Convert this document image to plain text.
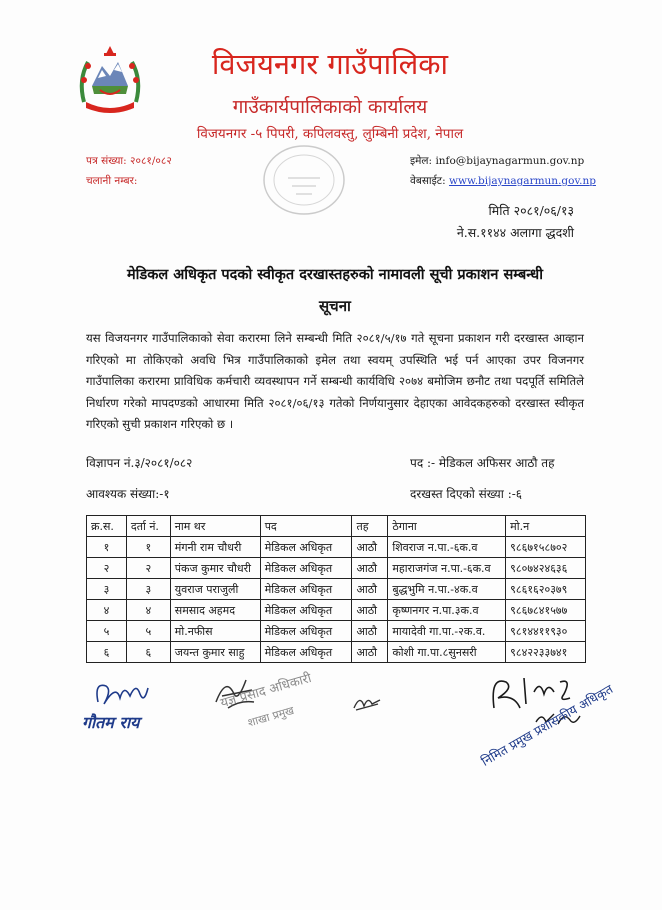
विजयनगर गाउँपालिका
गाउँकार्यपालिकाको कार्यालय
विजयनगर -५ पिपरी, कपिलवस्तु, लुम्बिनी प्रदेश, नेपाल
पत्र संख्या: २०८१/०८२
चलानी नम्बर:
इमेल: info@bijaynagarmun.gov.np
वेबसाईट: www.bijaynagarmun.gov.np
मिति २०८१/०६/१३
ने.स.११४४ अलागा द्धदशी
मेडिकल अधिकृत पदको स्वीकृत दरखास्तहरुको नामावली सूची प्रकाशन सम्बन्धी
सूचना

यस विजयनगर गाउँपालिकाको सेवा करारमा लिने सम्बन्धी मिति २०८१/५/१७ गते सूचना प्रकाशन गरी दरखास्त आव्हान गरिएको मा तोकिएको अवधि भित्र गाउँपालिकाको इमेल तथा स्वयम् उपस्थिति भई पर्न आएका उपर विजनगर गाउँपालिका करारमा प्राविधिक कर्मचारी व्यवस्थापन गर्ने सम्बन्धी कार्यविधि २०७४ बमोजिम छनौट तथा पदपूर्ति समितिले निर्धारण गरेको मापदण्डको आधारमा मिति २०८१/०६/१३ गतेको निर्णयानुसार देहाएका आवेदकहरुको दरखास्त स्वीकृत गरिएको सुची प्रकाशन गरिएको छ ।

विज्ञापन नं.३/२०८१/०८२	पद :- मेडिकल अफिसर आठौ तह
आवश्यक संख्या:-१	दरखस्त दिएको संख्या :-६
क्र.स.	दर्ता नं.	नाम थर	पद	तह	ठेगाना	मो.न
१	१	मंगनी राम चौधरी	मेडिकल अधिकृत	आठौ	शिवराज न.पा.-६क.व	९८६७१५८७०२
२	२	पंकज कुमार चौधरी	मेडिकल अधिकृत	आठौ	महाराजगंज न.पा.-६क.व	९८०७४२४६३६
३	३	युवराज पराजुली	मेडिकल अधिकृत	आठौ	बुद्धभुमि न.पा.-४क.व	९८६१६२०३७९
४	४	समसाद अहमद	मेडिकल अधिकृत	आठौ	कृष्णनगर न.पा.३क.व	९८६७८४१५७७
५	५	मो.नफीस	मेडिकल अधिकृत	आठौ	मायादेवी गा.पा.-२क.व.	९८१४४११९३०
६	६	जयन्त कुमार साहु	मेडिकल अधिकृत	आठौ	कोशी गा.पा.८सुनसरी	९८४२२३३७४१
गौतम राय
यज्ञ प्रसाद अधिकारी
शाखा प्रमुख	निमित प्रमुख प्रशासकीय अधिकृत
